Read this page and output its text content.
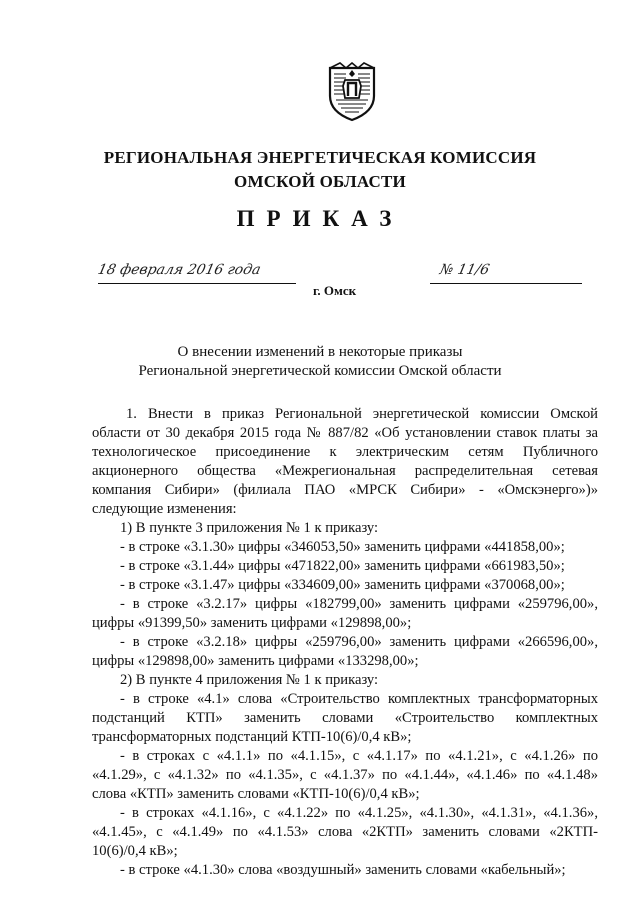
РЕГИОНАЛЬНАЯ ЭНЕРГЕТИЧЕСКАЯ КОМИССИЯ
ОМСКОЙ ОБЛАСТИ
ПРИКАЗ
18 февраля 2016 года
г. Омск
№ 11/6
О внесении изменений в некоторые приказы
Региональной энергетической комиссии Омской области

1. Внести в приказ Региональной энергетической комиссии Омской

области от 30 декабря 2015 года № 887/82 «Об установлении ставок платы за

технологическое присоединение к электрическим сетям Публичного

акционерного общества «Межрегиональная распределительная сетевая

компания Сибири» (филиала ПАО «МРСК Сибири» - «Омскэнерго»)»

следующие изменения:

1) В пункте 3 приложения № 1 к приказу:

- в строке «3.1.30» цифры «346053,50» заменить цифрами «441858,00»;

- в строке «3.1.44» цифры «471822,00» заменить цифрами «661983,50»;

- в строке «3.1.47» цифры «334609,00» заменить цифрами «370068,00»;

- в строке «3.2.17» цифры «182799,00» заменить цифрами «259796,00»,

цифры «91399,50» заменить цифрами «129898,00»;

- в строке «3.2.18» цифры «259796,00» заменить цифрами «266596,00»,

цифры «129898,00» заменить цифрами «133298,00»;

2) В пункте 4 приложения № 1 к приказу:

- в строке «4.1» слова «Строительство комплектных трансформаторных

подстанций КТП» заменить словами «Строительство комплектных

трансформаторных подстанций КТП-10(6)/0,4 кВ»;

- в строках с «4.1.1» по «4.1.15», с «4.1.17» по «4.1.21», с «4.1.26» по

«4.1.29», с «4.1.32» по «4.1.35», с «4.1.37» по «4.1.44», «4.1.46» по «4.1.48»

слова «КТП» заменить словами «КТП-10(6)/0,4 кВ»;

- в строках «4.1.16», с «4.1.22» по «4.1.25», «4.1.30», «4.1.31», «4.1.36»,

«4.1.45», с «4.1.49» по «4.1.53» слова «2КТП» заменить словами «2КТП-

10(6)/0,4 кВ»;

- в строке «4.1.30» слова «воздушный» заменить словами «кабельный»;
